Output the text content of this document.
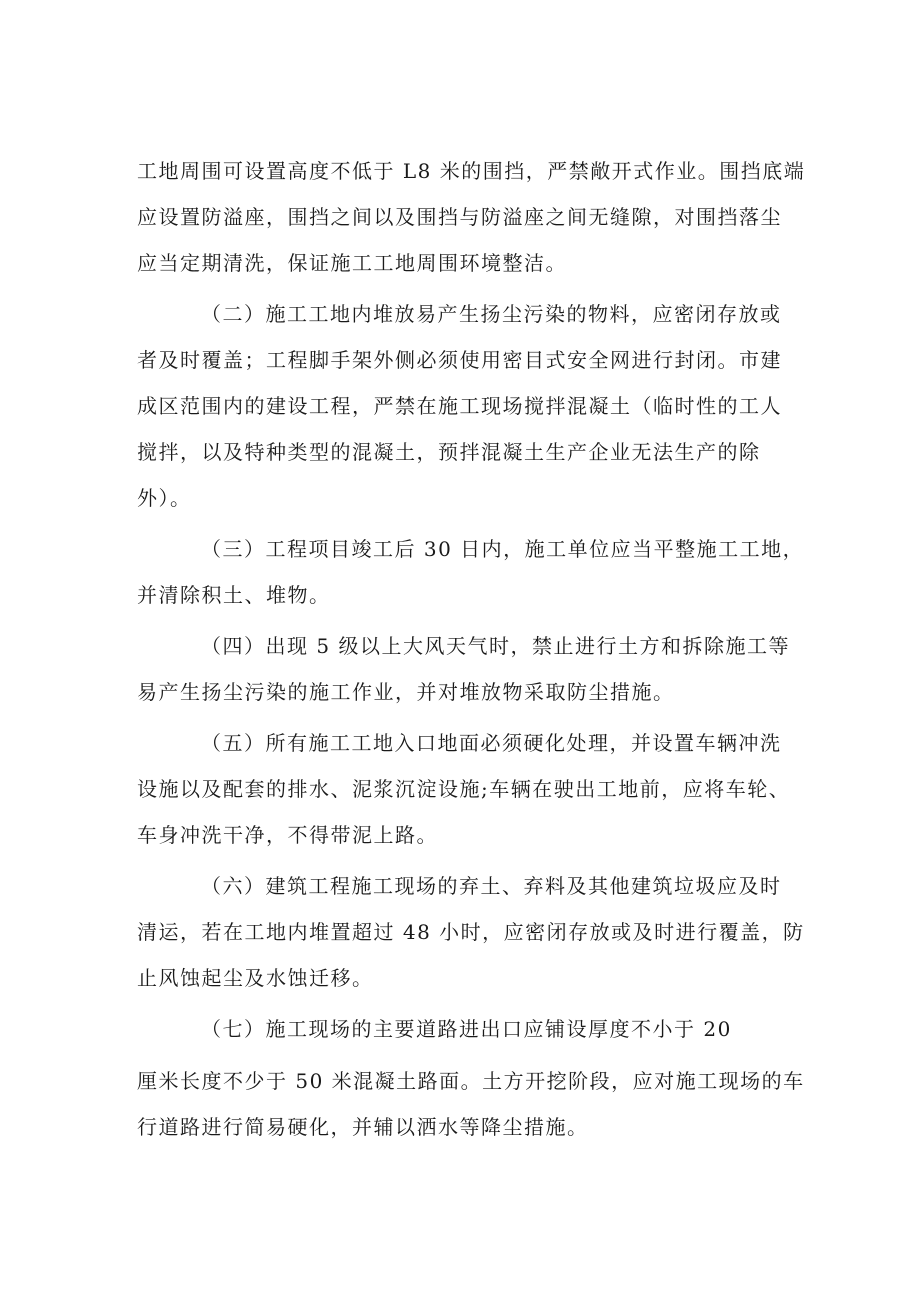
工地周围可设置高度不低于 L8 米的围挡，严禁敞开式作业。围挡底端
应设置防溢座，围挡之间以及围挡与防溢座之间无缝隙，对围挡落尘
应当定期清洗，保证施工工地周围环境整洁。
（二）施工工地内堆放易产生扬尘污染的物料，应密闭存放或
者及时覆盖；工程脚手架外侧必须使用密目式安全网进行封闭。市建
成区范围内的建设工程，严禁在施工现场搅拌混凝土（临时性的工人
搅拌，以及特种类型的混凝土，预拌混凝土生产企业无法生产的除
外）。
（三）工程项目竣工后 30 日内，施工单位应当平整施工工地，
并清除积土、堆物。
（四）出现 5 级以上大风天气时，禁止进行土方和拆除施工等
易产生扬尘污染的施工作业，并对堆放物采取防尘措施。
（五）所有施工工地入口地面必须硬化处理，并设置车辆冲洗
设施以及配套的排水、泥浆沉淀设施;车辆在驶出工地前，应将车轮、
车身冲洗干净，不得带泥上路。
（六）建筑工程施工现场的弃土、弃料及其他建筑垃圾应及时
清运，若在工地内堆置超过 48 小时，应密闭存放或及时进行覆盖，防
止风蚀起尘及水蚀迁移。
（七）施工现场的主要道路进出口应铺设厚度不小于 20
厘米长度不少于 50 米混凝土路面。土方开挖阶段，应对施工现场的车
行道路进行简易硬化，并辅以洒水等降尘措施。
